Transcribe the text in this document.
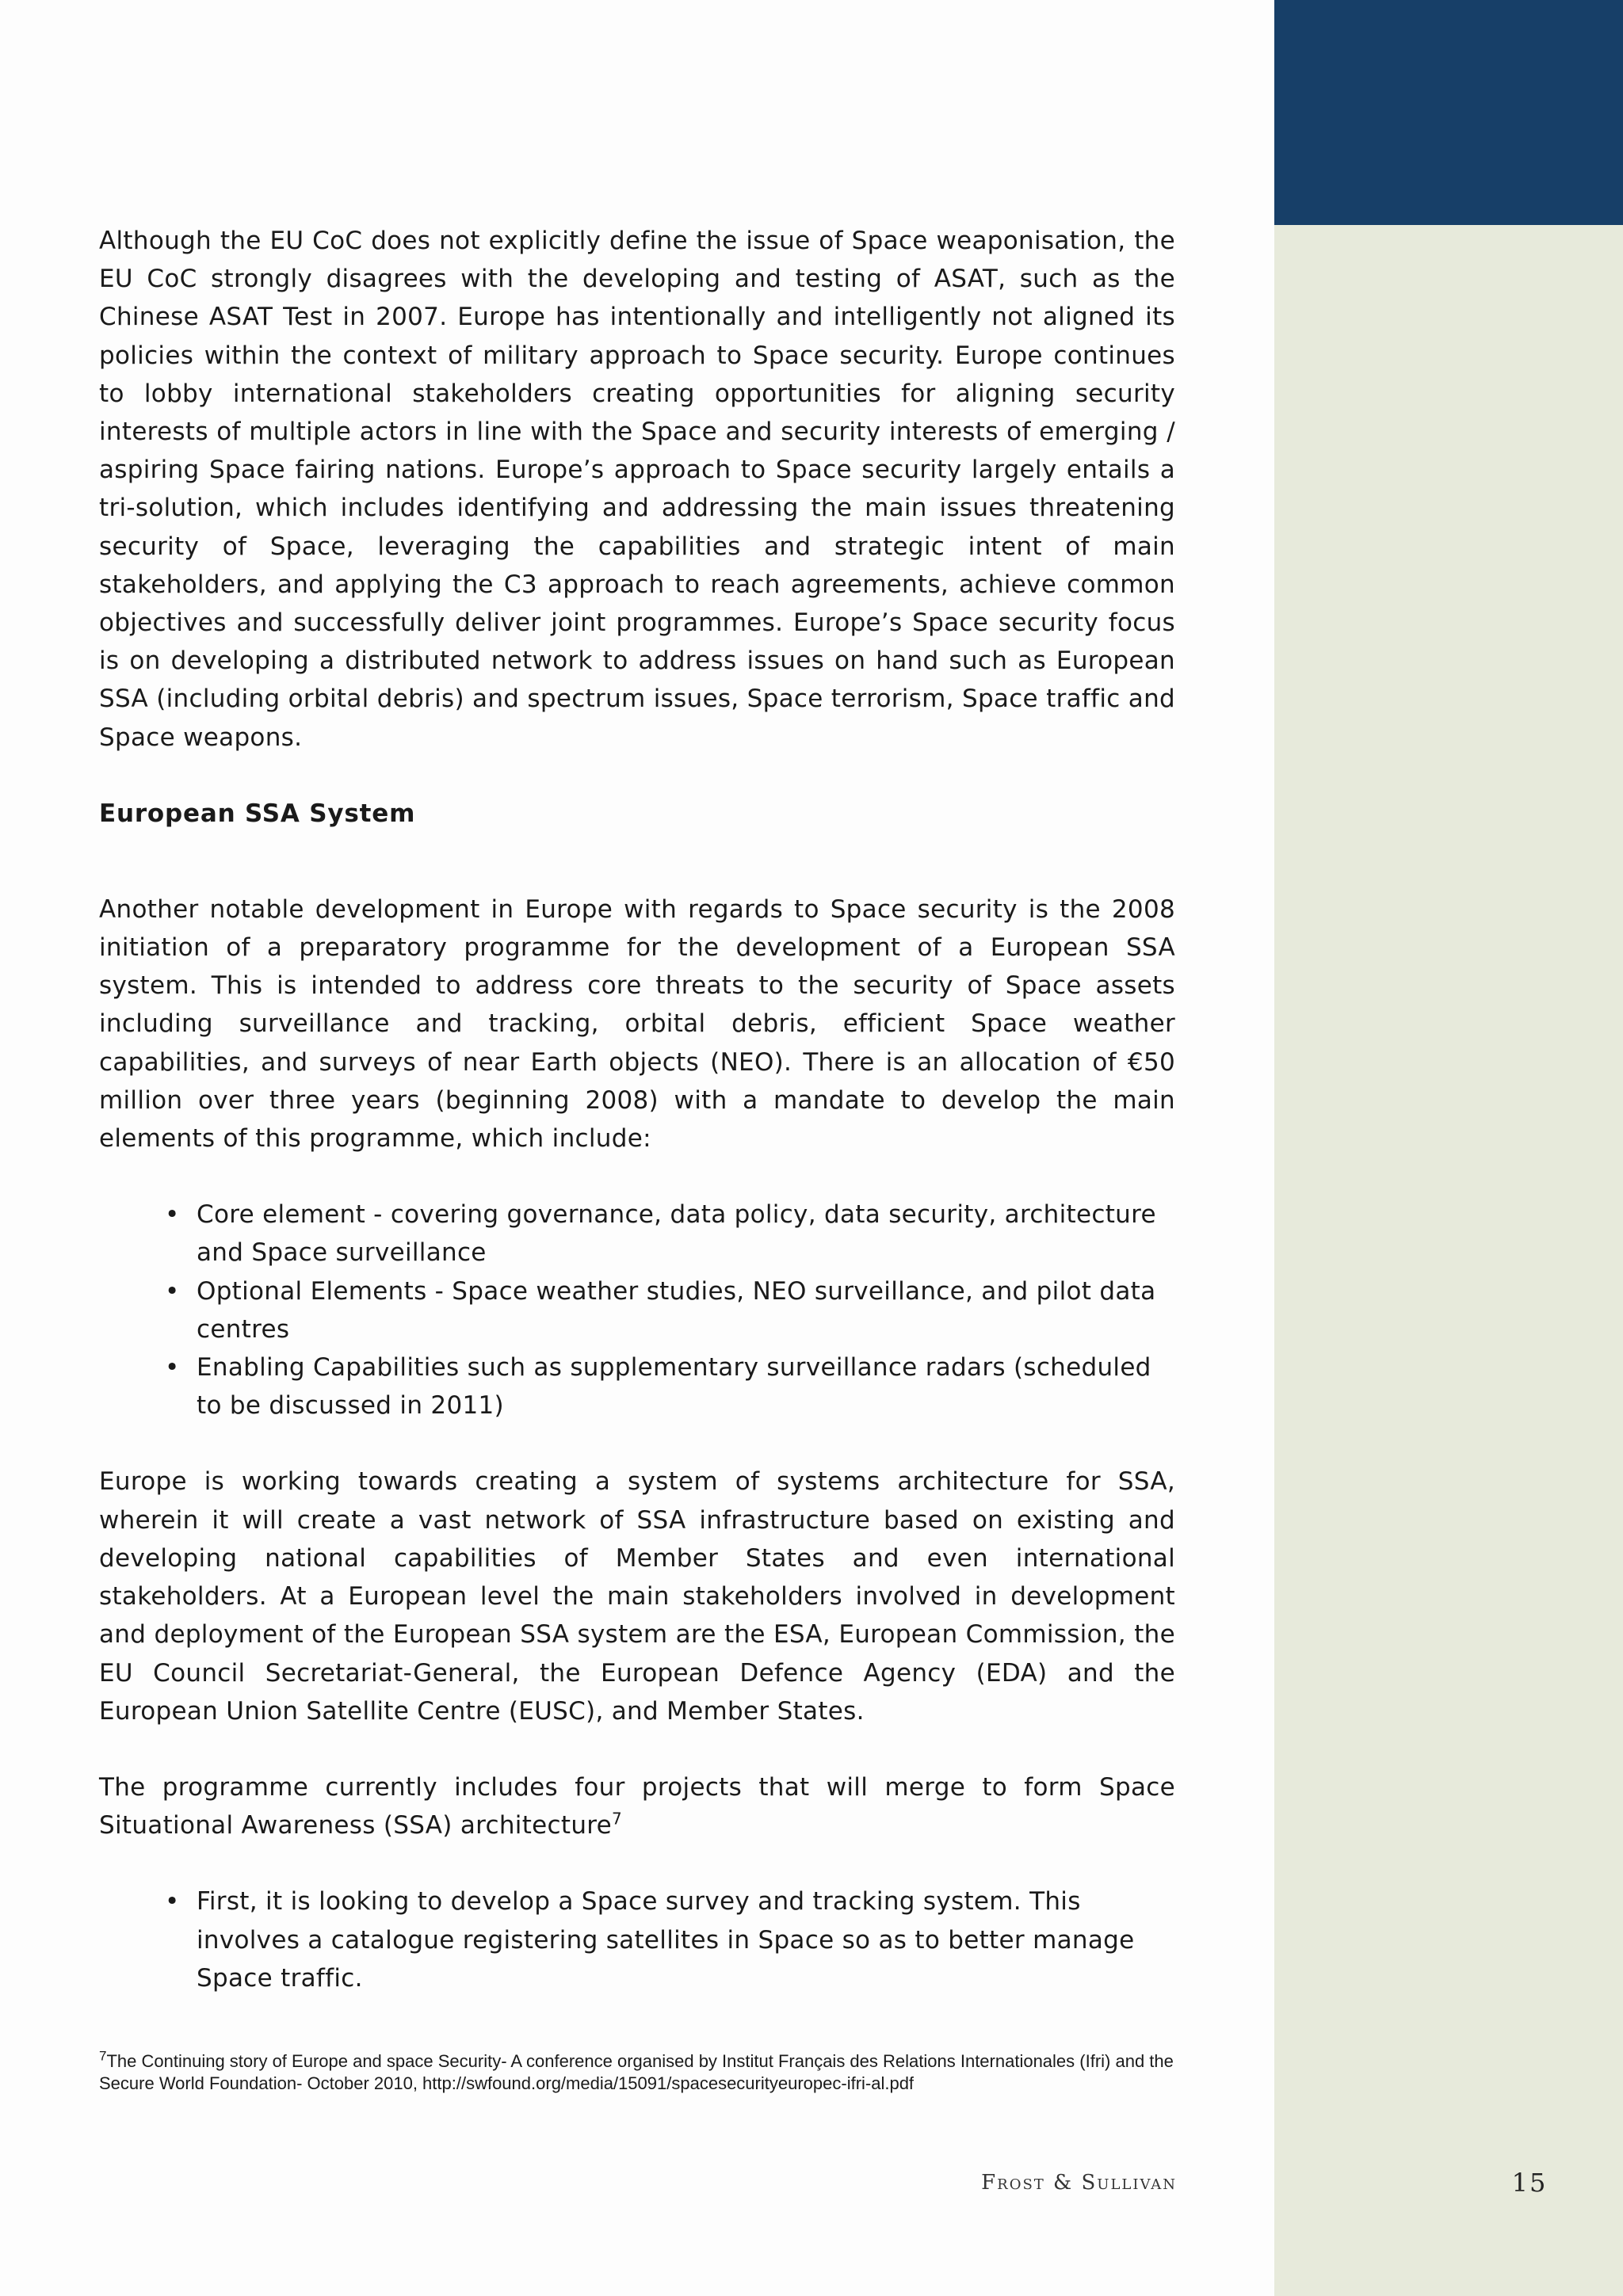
Although the EU CoC does not explicitly define the issue of Space weaponisation, the EU CoC strongly disagrees with the developing and testing of ASAT, such as the Chinese ASAT Test in 2007. Europe has intentionally and intelligently not aligned its policies within the context of military approach to Space security. Europe continues to lobby international stakeholders creating opportunities for aligning security interests of multiple actors in line with the Space and security interests of emerging / aspiring Space fairing nations. Europe’s approach to Space security largely entails a tri-solution, which includes identifying and addressing the main issues threatening security of Space, leveraging the capabilities and strategic intent of main stakeholders, and applying the C3 approach to reach agreements, achieve common objectives and successfully deliver joint programmes. Europe’s Space security focus is on developing a distributed network to address issues on hand such as European SSA (including orbital debris) and spectrum issues, Space terrorism, Space traffic and Space weapons.

European SSA System

Another notable development in Europe with regards to Space security is the 2008 initiation of a preparatory programme for the development of a European SSA system. This is intended to address core threats to the security of Space assets including surveillance and tracking, orbital debris, efficient Space weather capabilities, and surveys of near Earth objects (NEO). There is an allocation of €50 million over three years (beginning 2008) with a mandate to develop the main elements of this programme, which include:

• Core element - covering governance, data policy, data security, architecture and Space surveillance
• Optional Elements - Space weather studies, NEO surveillance, and pilot data centres
• Enabling Capabilities such as supplementary surveillance radars (scheduled to be discussed in 2011)

Europe is working towards creating a system of systems architecture for SSA, wherein it will create a vast network of SSA infrastructure based on existing and developing national capabilities of Member States and even international stakeholders. At a European level the main stakeholders involved in development and deployment of the European SSA system are the ESA, European Commission, the EU Council Secretariat-General, the European Defence Agency (EDA) and the European Union Satellite Centre (EUSC), and Member States.

The programme currently includes four projects that will merge to form Space Situational Awareness (SSA) architecture$^7$

• First, it is looking to develop a Space survey and tracking system. This involves a catalogue registering satellites in Space so as to better manage Space traffic.
$^7$The Continuing story of Europe and space Security- A conference organised by Institut Français des Relations Internationales (Ifri) and the Secure World Foundation- October 2010, http://swfound.org/media/15091/spacesecurityeuropec-ifri-al.pdf
Frost & Sullivan	15
